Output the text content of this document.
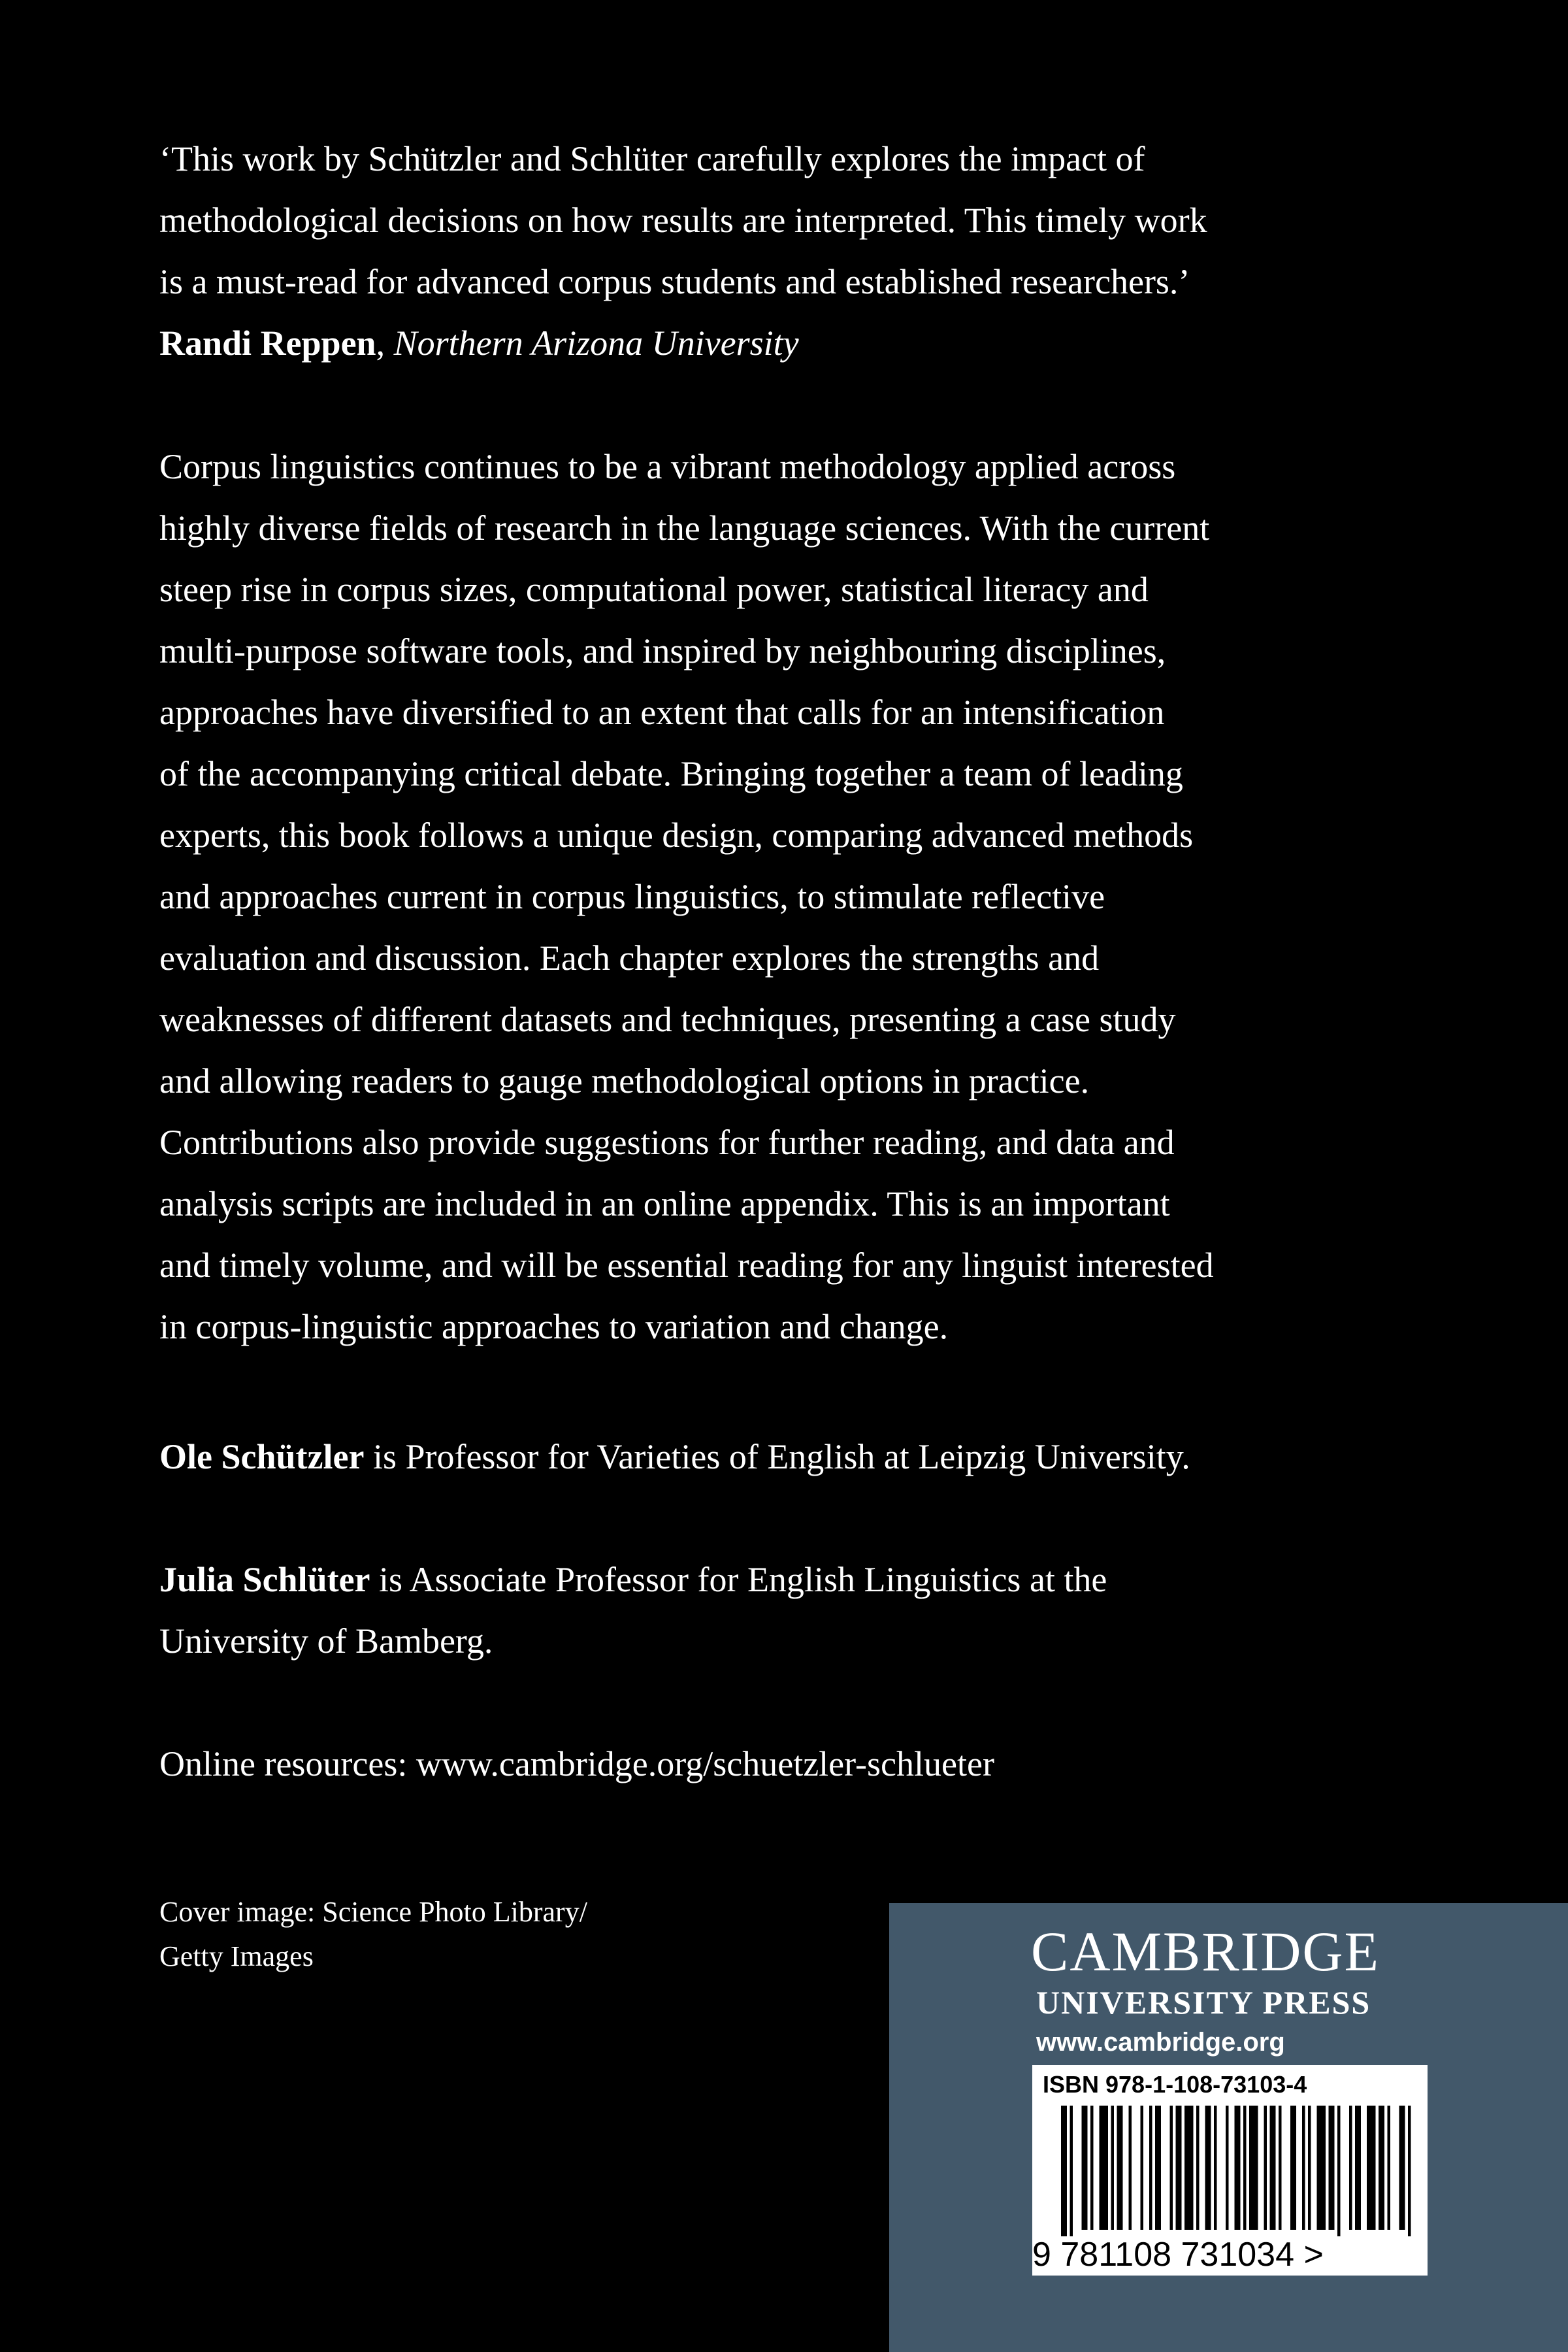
‘This work by Schützler and Schlüter carefully explores the impact of
methodological decisions on how results are interpreted. This timely work
is a must-read for advanced corpus students and established researchers.’
Randi Reppen, Northern Arizona University
Corpus linguistics continues to be a vibrant methodology applied across
highly diverse fields of research in the language sciences. With the current
steep rise in corpus sizes, computational power, statistical literacy and
multi-purpose software tools, and inspired by neighbouring disciplines,
approaches have diversified to an extent that calls for an intensification
of the accompanying critical debate. Bringing together a team of leading
experts, this book follows a unique design, comparing advanced methods
and approaches current in corpus linguistics, to stimulate reflective
evaluation and discussion. Each chapter explores the strengths and
weaknesses of different datasets and techniques, presenting a case study
and allowing readers to gauge methodological options in practice.
Contributions also provide suggestions for further reading, and data and
analysis scripts are included in an online appendix. This is an important
and timely volume, and will be essential reading for any linguist interested
in corpus-linguistic approaches to variation and change.
Ole Schützler is Professor for Varieties of English at Leipzig University.
Julia Schlüter is Associate Professor for English Linguistics at the
University of Bamberg.
Online resources: www.cambridge.org/schuetzler-schlueter
Cover image: Science Photo Library/
Getty Images	CAMBRIDGE
UNIVERSITY PRESS
www.cambridge.org
ISBN 978-1-108-73103-4
9 781108 731034 >
